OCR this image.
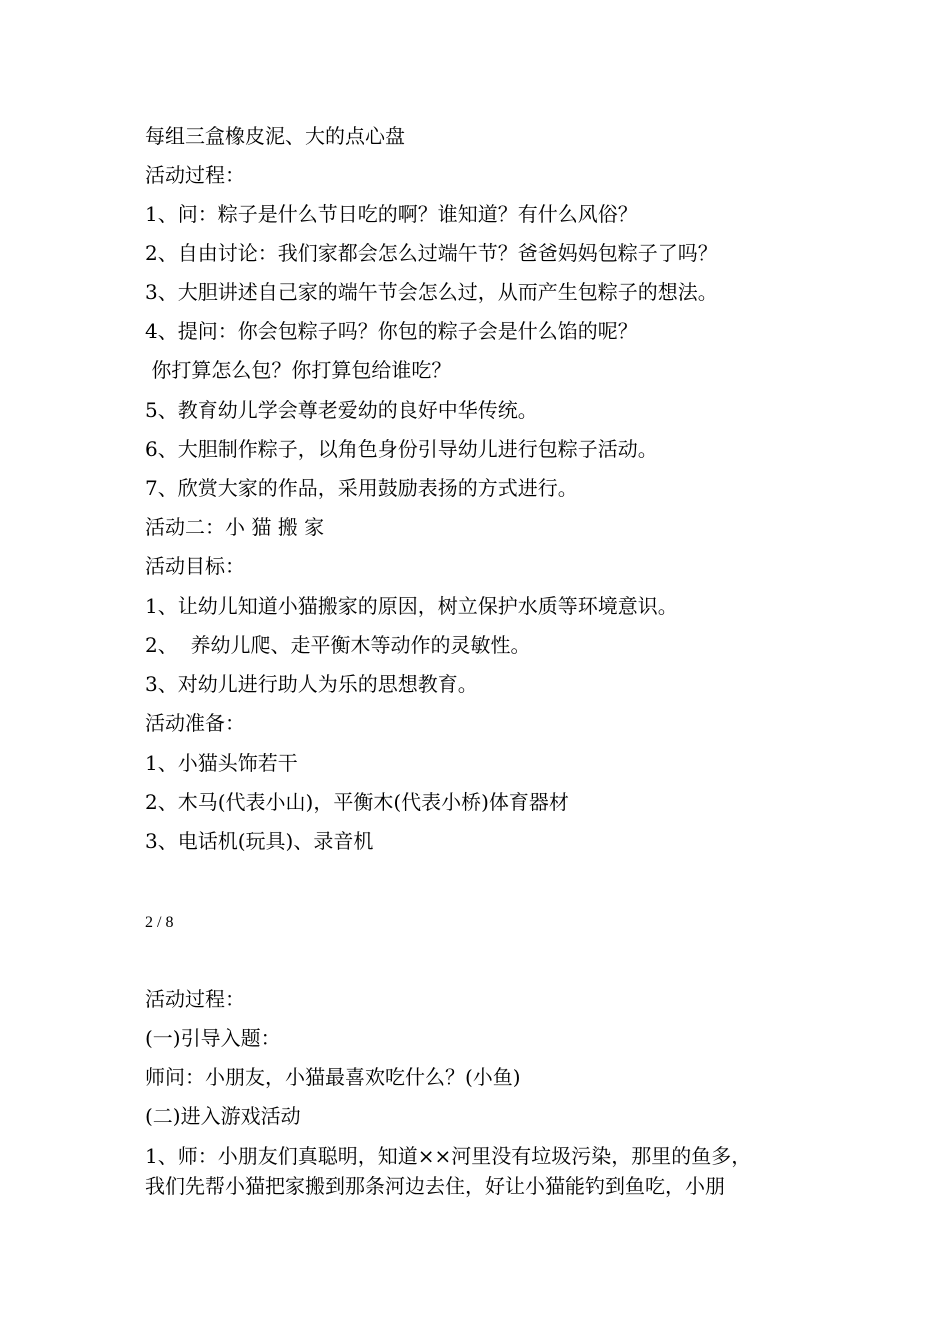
每组三盒橡皮泥、大的点心盘
活动过程：
1、问：粽子是什么节日吃的啊？谁知道？有什么风俗？
2、自由讨论：我们家都会怎么过端午节？爸爸妈妈包粽子了吗？
3、大胆讲述自己家的端午节会怎么过，从而产生包粽子的想法。
4、提问：你会包粽子吗？你包的粽子会是什么馅的呢？
你打算怎么包？你打算包给谁吃？
5、教育幼儿学会尊老爱幼的良好中华传统。
6、大胆制作粽子，以角色身份引导幼儿进行包粽子活动。
7、欣赏大家的作品，采用鼓励表扬的方式进行。
活动二：小 猫 搬 家
活动目标：
1、让幼儿知道小猫搬家的原因，树立保护水质等环境意识。
2、  养幼儿爬、走平衡木等动作的灵敏性。
3、对幼儿进行助人为乐的思想教育。
活动准备：
1、小猫头饰若干
2、木马(代表小山)，平衡木(代表小桥)体育器材
3、电话机(玩具)、录音机
2 / 8
活动过程：
(一)引导入题：
师问：小朋友，小猫最喜欢吃什么？(小鱼)
(二)进入游戏活动
1、师：小朋友们真聪明，知道××河里没有垃圾污染，那里的鱼多，
我们先帮小猫把家搬到那条河边去住，好让小猫能钓到鱼吃，小朋
